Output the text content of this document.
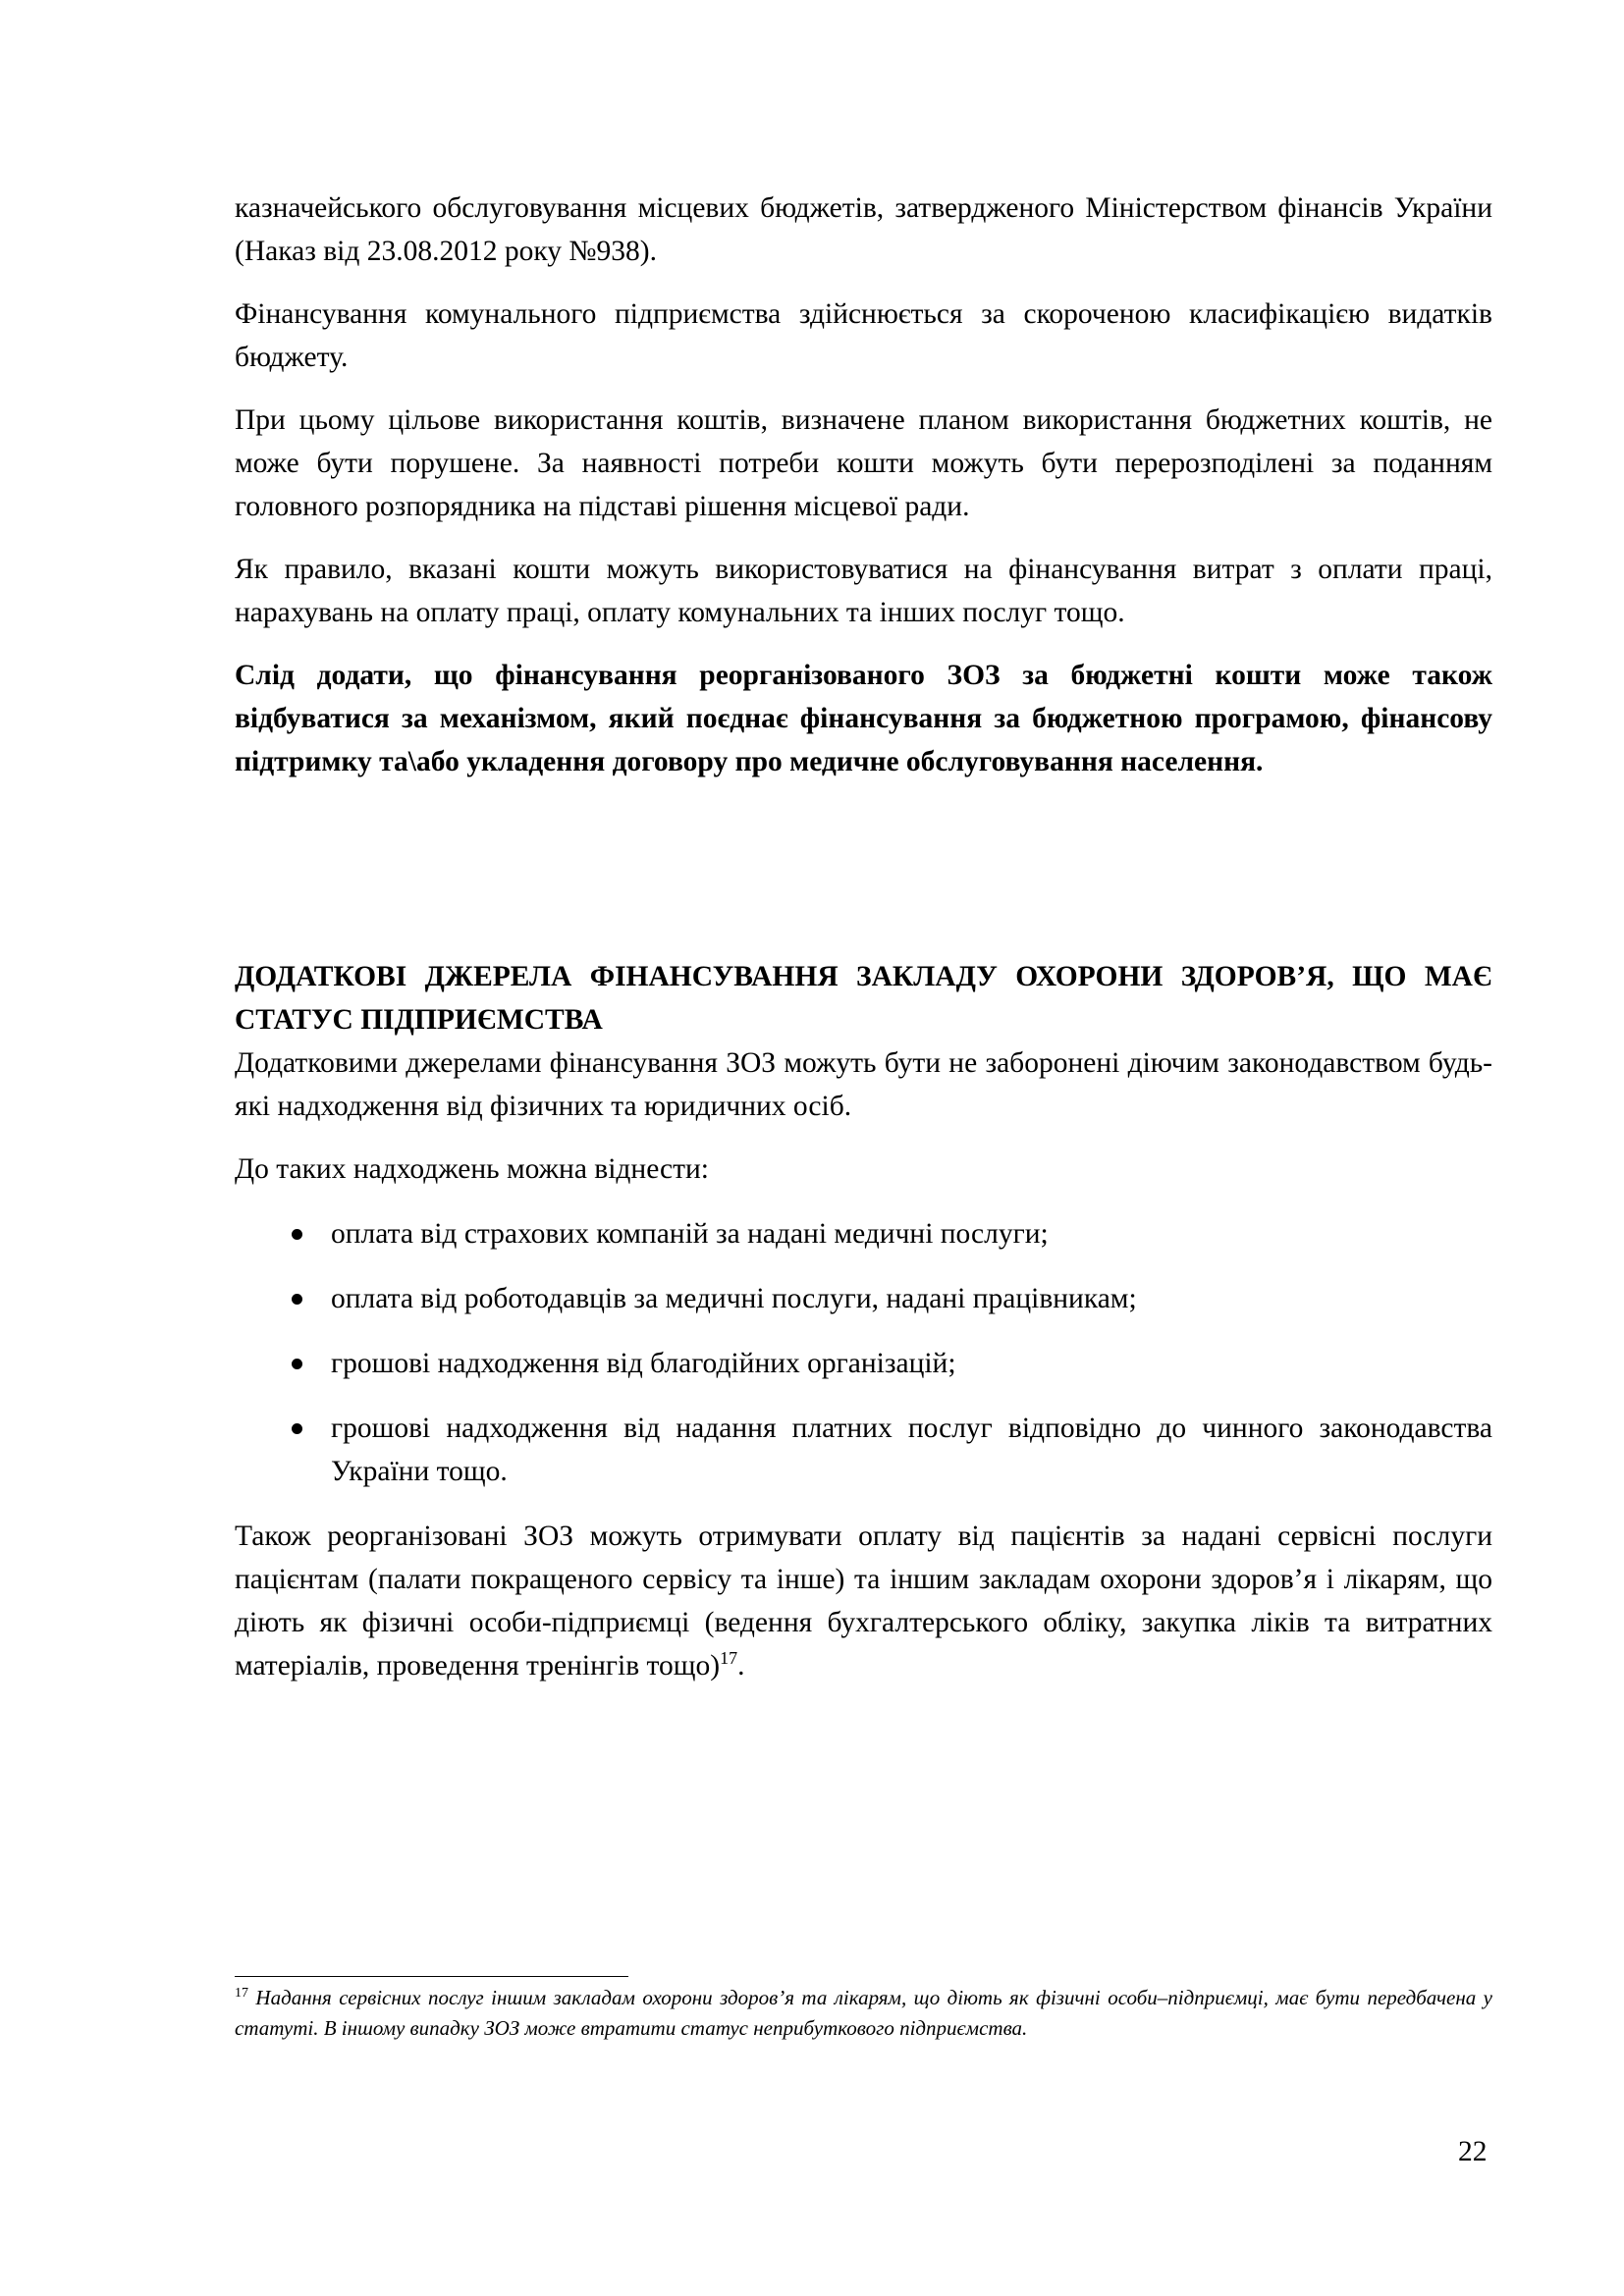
казначейського обслуговування місцевих бюджетів, затвердженого Міністерством фінансів України (Наказ від 23.08.2012 року №938).

Фінансування комунального підприємства здійснюється за скороченою класифікацією видатків бюджету.

При цьому цільове використання коштів, визначене планом використання бюджетних коштів, не може бути порушене. За наявності потреби кошти можуть бути перерозподілені за поданням головного розпорядника на підставі рішення місцевої ради.

Як правило, вказані кошти можуть використовуватися на фінансування витрат з оплати праці, нарахувань на оплату праці, оплату комунальних та інших послуг тощо.

Слід додати, що фінансування реорганізованого ЗОЗ за бюджетні кошти може також відбуватися за механізмом, який поєднає фінансування за бюджетною програмою, фінансову підтримку та\або укладення договору про медичне обслуговування населення.

ДОДАТКОВІ ДЖЕРЕЛА ФІНАНСУВАННЯ ЗАКЛАДУ ОХОРОНИ ЗДОРОВ’Я, ЩО МАЄ СТАТУС ПІДПРИЄМСТВА

Додатковими джерелами фінансування ЗОЗ можуть бути не заборонені діючим законодавством будь-які надходження від фізичних та юридичних осіб.

До таких надходжень можна віднести:

оплата від страхових компаній за надані медичні послуги;
оплата від роботодавців за медичні послуги, надані працівникам;
грошові надходження від благодійних організацій;
грошові надходження від надання платних послуг відповідно до чинного законодавства України тощо.

Також реорганізовані ЗОЗ можуть отримувати оплату від пацієнтів за надані сервісні послуги пацієнтам (палати покращеного сервісу та інше) та іншим закладам охорони здоров’я і лікарям, що діють як фізичні особи-підприємці (ведення бухгалтерського обліку, закупка ліків та витратних матеріалів, проведення тренінгів тощо)$^{17}$.

$^{17}$ Надання сервісних послуг іншим закладам охорони здоров’я та лікарям, що діють як фізичні особи–підприємці, має бути передбачена у статуті. В іншому випадку ЗОЗ може втратити статус неприбуткового підприємства.
22
